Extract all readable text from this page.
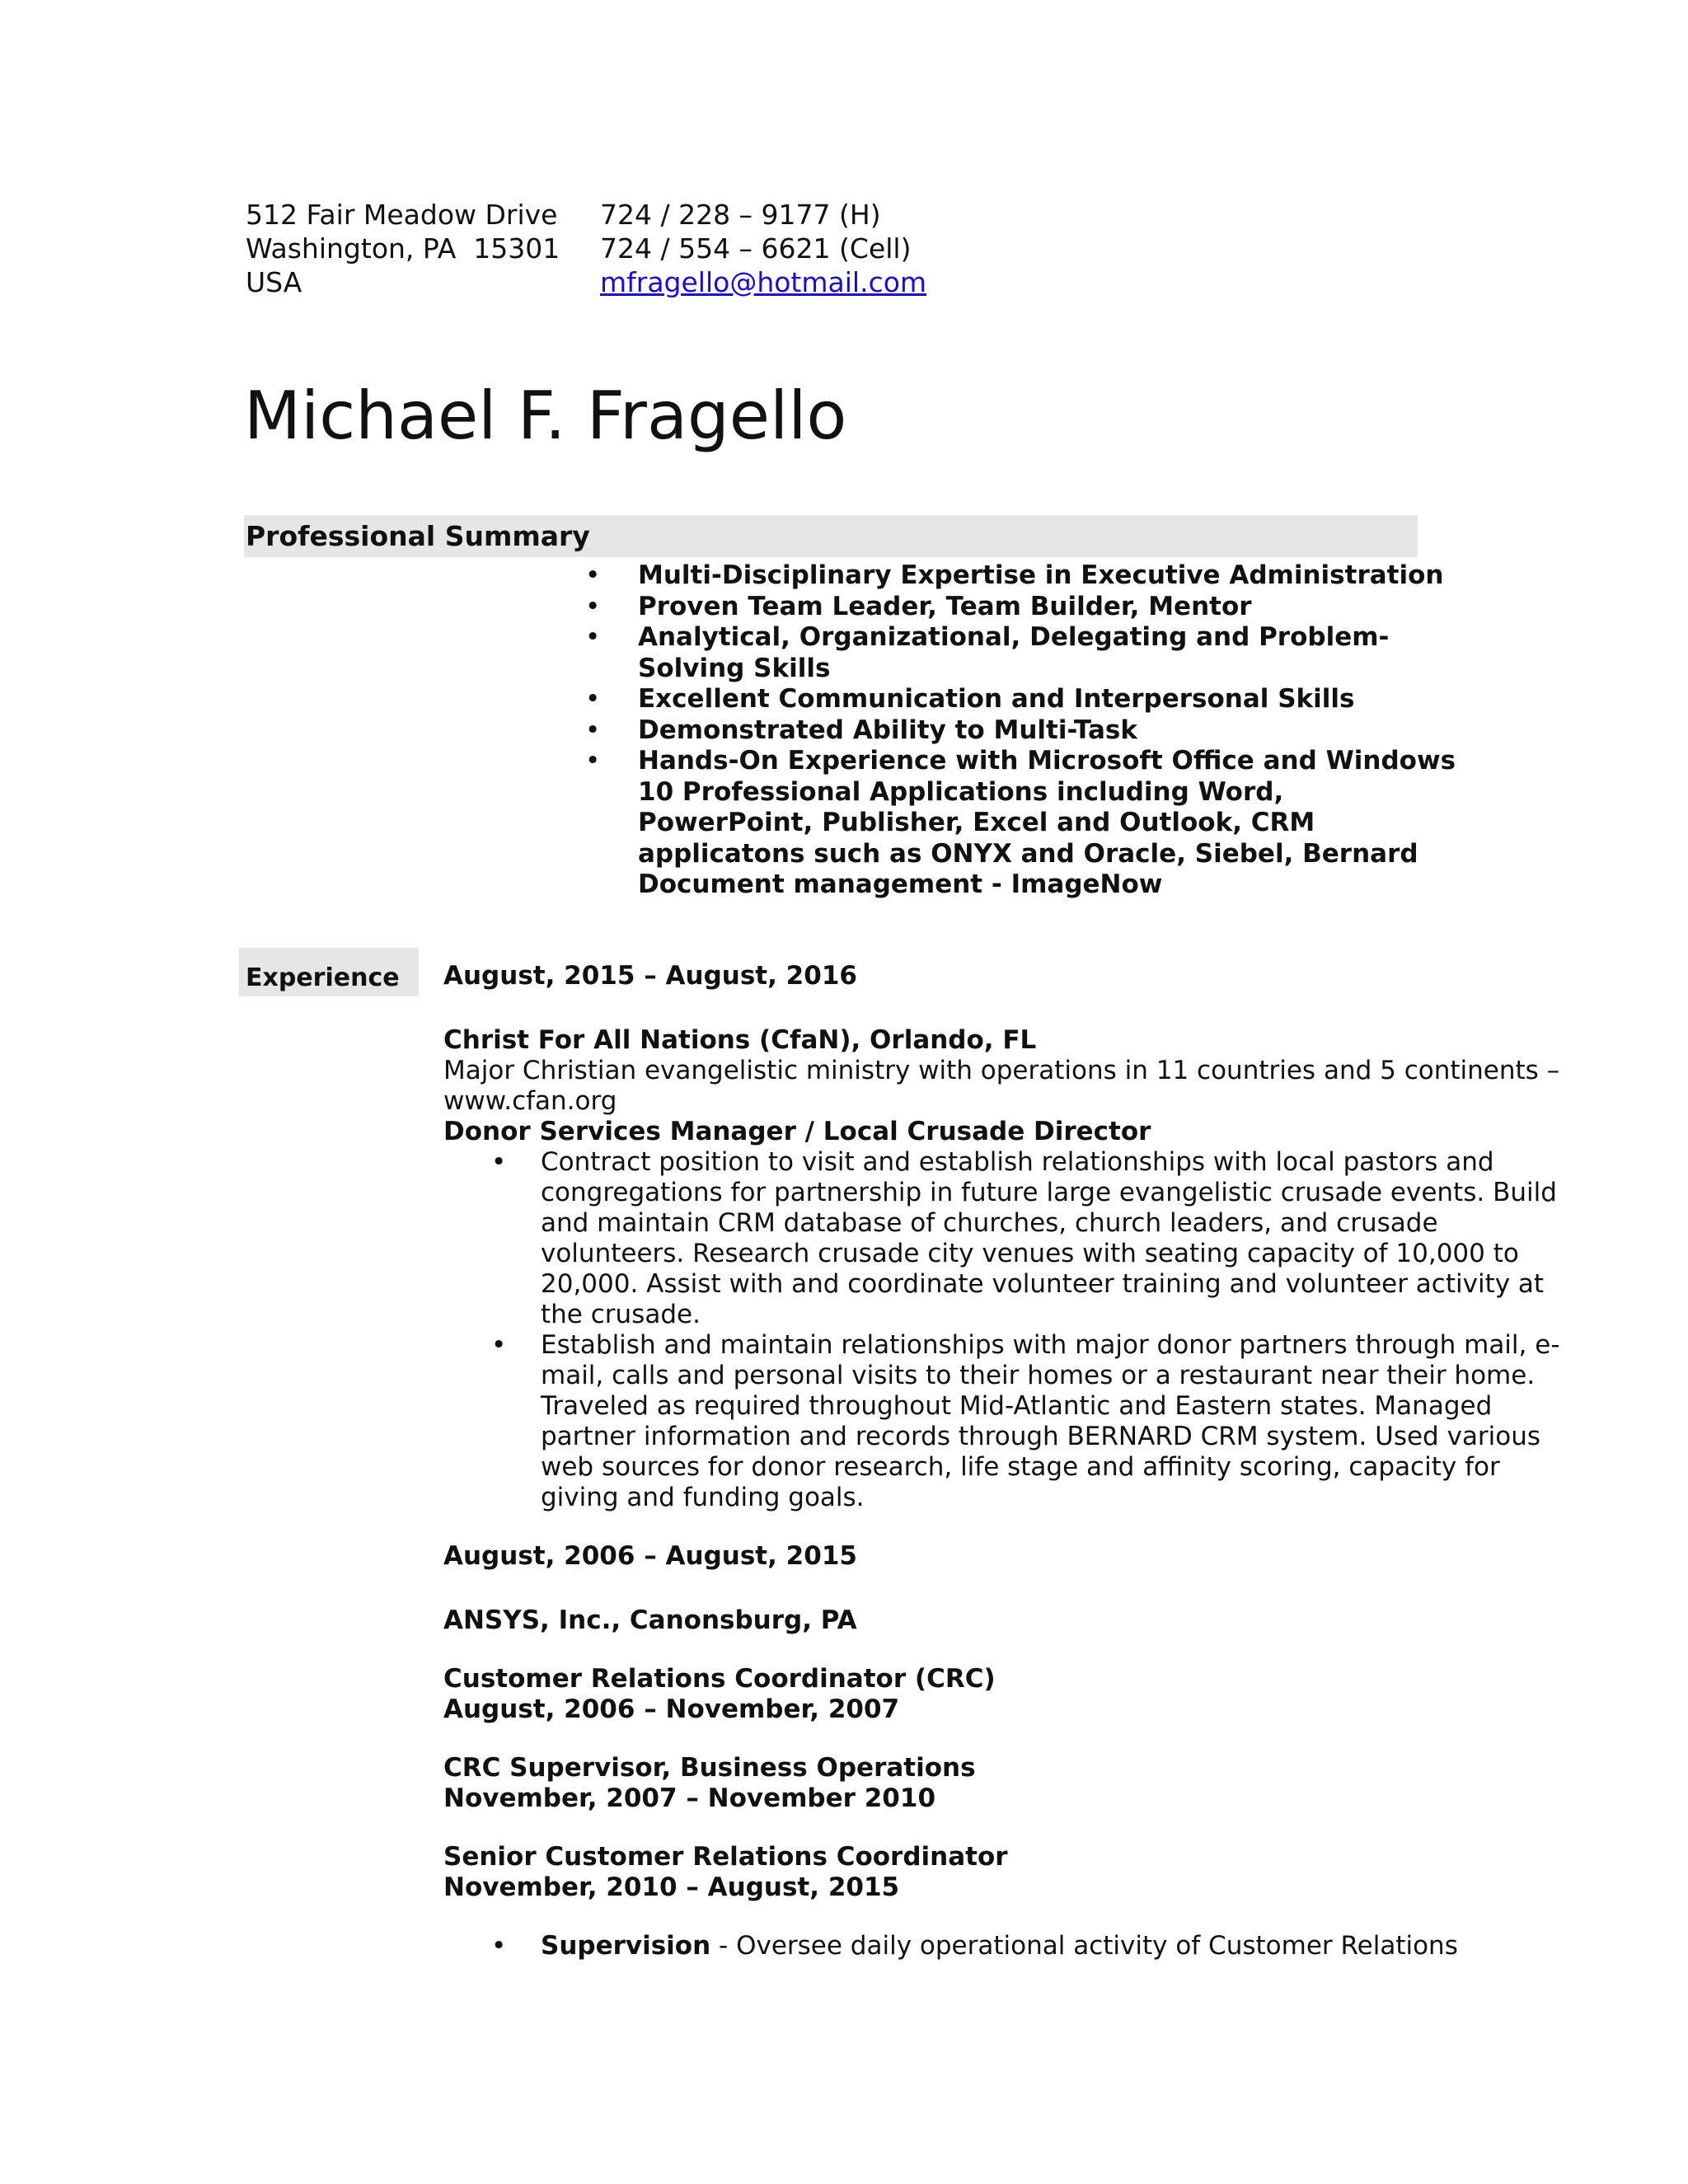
512 Fair Meadow Drive	724 / 228 – 9177 (H)
Washington, PA  15301	724 / 554 – 6621 (Cell)
USA	mfragello@hotmail.com
Michael F. Fragello
Professional Summary
• Multi-Disciplinary Expertise in Executive Administration
• Proven Team Leader, Team Builder, Mentor
• Analytical, Organizational, Delegating and Problem-Solving Skills
• Excellent Communication and Interpersonal Skills
• Demonstrated Ability to Multi-Task
• Hands-On Experience with Microsoft Office and Windows 10 Professional Applications including Word, PowerPoint, Publisher, Excel and Outlook, CRM applicatons such as ONYX and Oracle, Siebel, Bernard Document management - ImageNow
Experience	August, 2015 – August, 2016
Christ For All Nations (CfaN), Orlando, FL
Major Christian evangelistic ministry with operations in 11 countries and 5 continents – www.cfan.org
Donor Services Manager / Local Crusade Director
• Contract position to visit and establish relationships with local pastors and congregations for partnership in future large evangelistic crusade events. Build and maintain CRM database of churches, church leaders, and crusade volunteers. Research crusade city venues with seating capacity of 10,000 to 20,000. Assist with and coordinate volunteer training and volunteer activity at the crusade.
• Establish and maintain relationships with major donor partners through mail, e-mail, calls and personal visits to their homes or a restaurant near their home. Traveled as required throughout Mid-Atlantic and Eastern states. Managed partner information and records through BERNARD CRM system. Used various web sources for donor research, life stage and affinity scoring, capacity for giving and funding goals.
August, 2006 – August, 2015
ANSYS, Inc., Canonsburg, PA
Customer Relations Coordinator (CRC)
August, 2006 – November, 2007
CRC Supervisor, Business Operations
November, 2007 – November 2010
Senior Customer Relations Coordinator
November, 2010 – August, 2015
• Supervision - Oversee daily operational activity of Customer Relations
